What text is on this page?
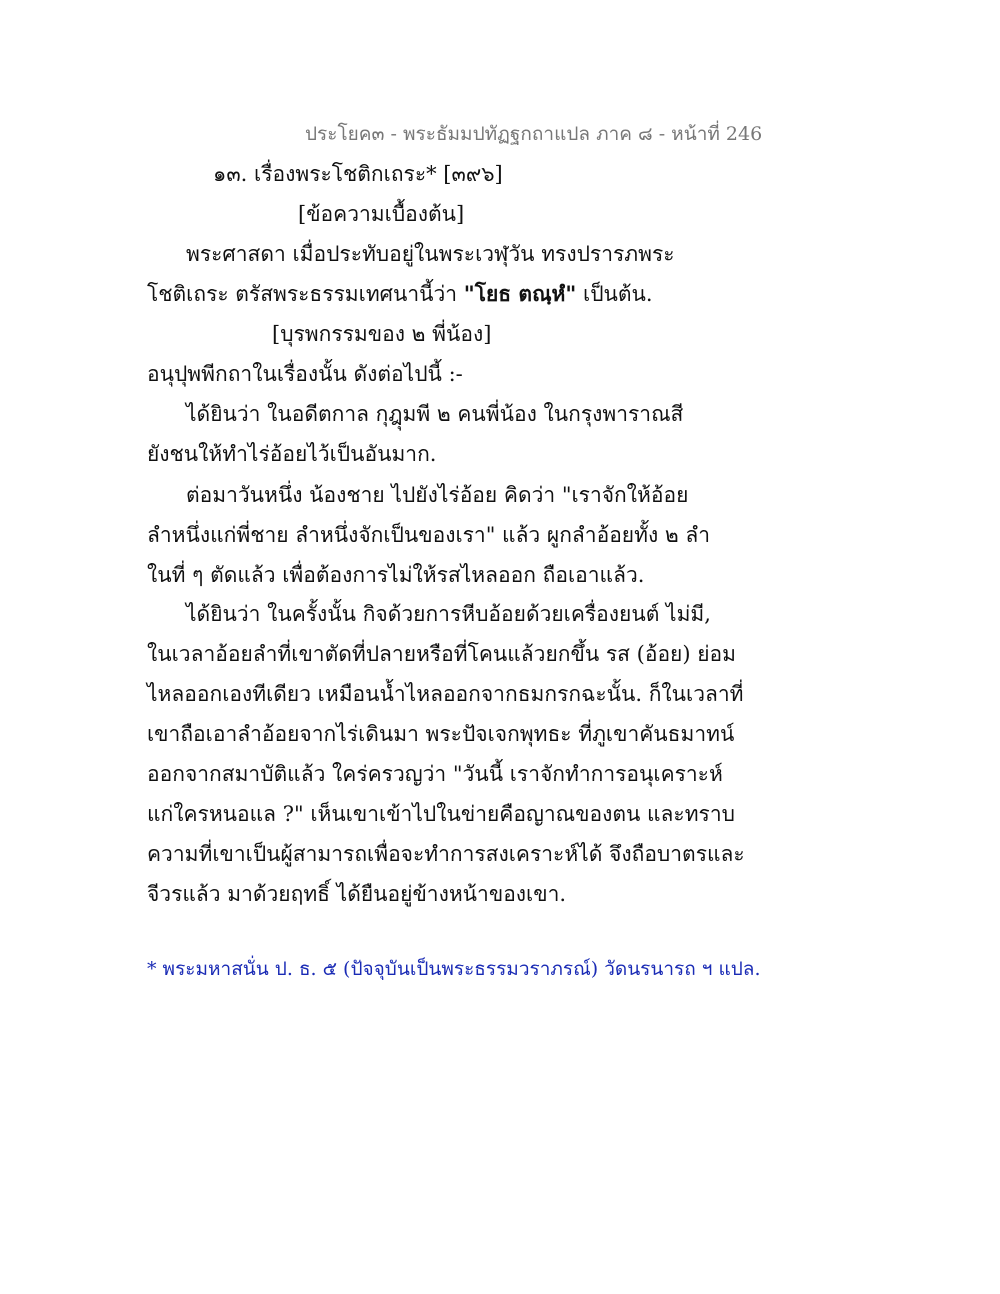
ประโยค๓ - พระธัมมปทัฏฐกถาแปล ภาค ๘ - หน้าที่ 246
๑๓. เรื่องพระโชติกเถระ* [๓๙๖]
[ข้อความเบื้องต้น]
พระศาสดา เมื่อประทับอยู่ในพระเวฬุวัน ทรงปรารภพระ
โชติเถระ ตรัสพระธรรมเทศนานี้ว่า "โยธ ตณฺหํ" เป็นต้น.
[บุรพกรรมของ ๒ พี่น้อง]
อนุปุพพีกถาในเรื่องนั้น ดังต่อไปนี้ :-
ได้ยินว่า ในอดีตกาล กุฎุมพี ๒ คนพี่น้อง ในกรุงพาราณสี
ยังชนให้ทำไร่อ้อยไว้เป็นอันมาก.
ต่อมาวันหนึ่ง น้องชาย ไปยังไร่อ้อย คิดว่า "เราจักให้อ้อย
ลำหนึ่งแก่พี่ชาย ลำหนึ่งจักเป็นของเรา" แล้ว ผูกลำอ้อยทั้ง ๒ ลำ
ในที่ ๆ ตัดแล้ว เพื่อต้องการไม่ให้รสไหลออก ถือเอาแล้ว.
ได้ยินว่า ในครั้งนั้น กิจด้วยการหีบอ้อยด้วยเครื่องยนต์ ไม่มี,
ในเวลาอ้อยลำที่เขาตัดที่ปลายหรือที่โคนแล้วยกขึ้น รส (อ้อย) ย่อม
ไหลออกเองทีเดียว เหมือนน้ำไหลออกจากธมกรกฉะนั้น. ก็ในเวลาที่
เขาถือเอาลำอ้อยจากไร่เดินมา พระปัจเจกพุทธะ ที่ภูเขาคันธมาทน์
ออกจากสมาบัติแล้ว ใคร่ครวญว่า "วันนี้ เราจักทำการอนุเคราะห์
แก่ใครหนอแล ?" เห็นเขาเข้าไปในข่ายคือญาณของตน และทราบ
ความที่เขาเป็นผู้สามารถเพื่อจะทำการสงเคราะห์ได้ จึงถือบาตรและ
จีวรแล้ว มาด้วยฤทธิ์ ได้ยืนอยู่ข้างหน้าของเขา.
* พระมหาสนั่น ป. ธ. ๕ (ปัจจุบันเป็นพระธรรมวราภรณ์) วัดนรนารถ ฯ แปล.
